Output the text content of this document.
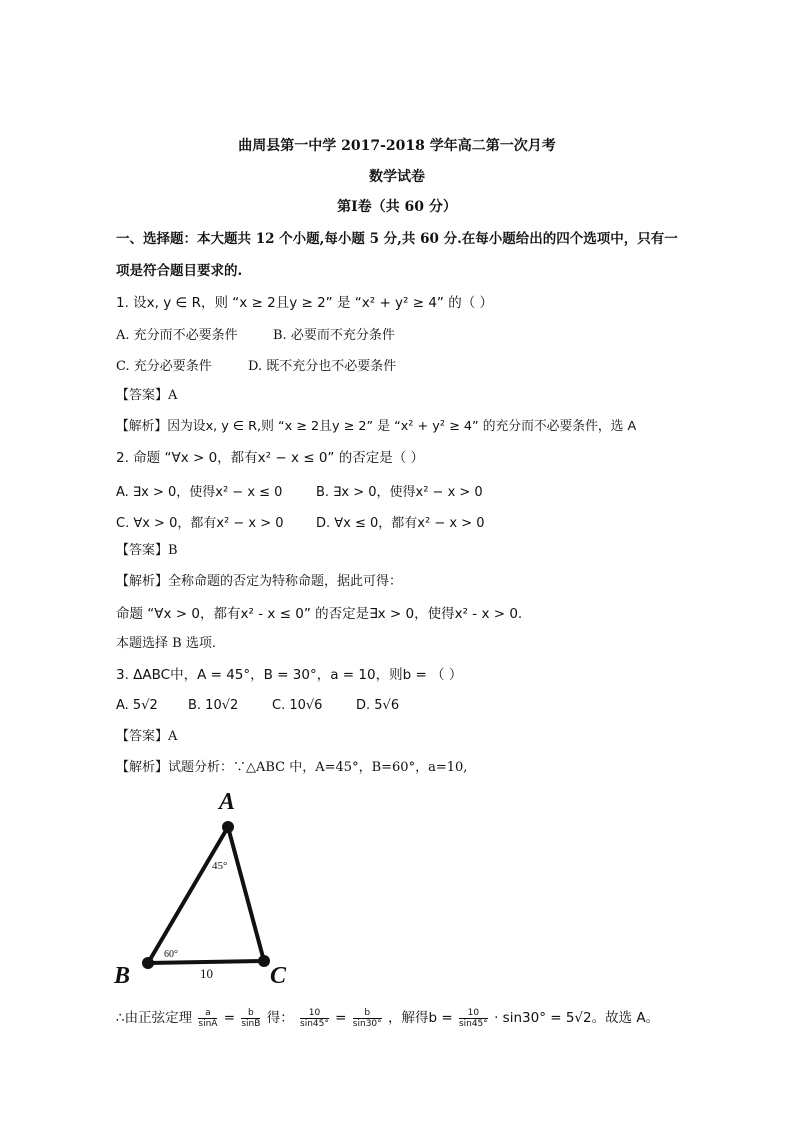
曲周县第一中学 2017-2018 学年高二第一次月考
数学试卷
第Ⅰ卷（共 60 分）
一、选择题：本大题共 12 个小题,每小题 5 分,共 60 分.在每小题给出的四个选项中，只有一
项是符合题目要求的.
1. 设x, y ∈ R，则 “x ≥ 2且y ≥ 2” 是 “x² + y² ≥ 4” 的（ ）
A. 充分而不必要条件	B. 必要而不充分条件
C. 充分必要条件	D. 既不充分也不必要条件
【答案】A
【解析】因为设x, y ∈ R,则 “x ≥ 2且y ≥ 2” 是 “x² + y² ≥ 4” 的充分而不必要条件，选 A
2. 命题 “∀x > 0，都有x² − x ≤ 0” 的否定是（ ）
A. ∃x > 0，使得x² − x ≤ 0	B. ∃x > 0，使得x² − x > 0
C. ∀x > 0，都有x² − x > 0 D. ∀x ≤ 0，都有x² − x > 0
【答案】B
【解析】全称命题的否定为特称命题，据此可得：
命题 “∀x > 0，都有x² - x ≤ 0” 的否定是∃x > 0，使得x² - x > 0.
本题选择 B 选项.
3. ΔABC中，A = 45°，B = 30°，a = 10，则b = （ ）
A. 5√2 B. 10√2	C. 10√6	D. 5√6
【答案】A
【解析】试题分析：∵△ABC 中，A=45°，B=60°，a=10,
A
B	C
45°
60°
10
∴由正弦定理 $\frac{a}{\sin A} = \frac{b}{\sin B}$ 得： $\frac{10}{\sin 45^\circ} = \frac{b}{\sin 30^\circ}$ ，解得$b = \frac{10}{\sin 45^\circ} \cdot \sin 30^\circ = 5√2$。故选 A。
